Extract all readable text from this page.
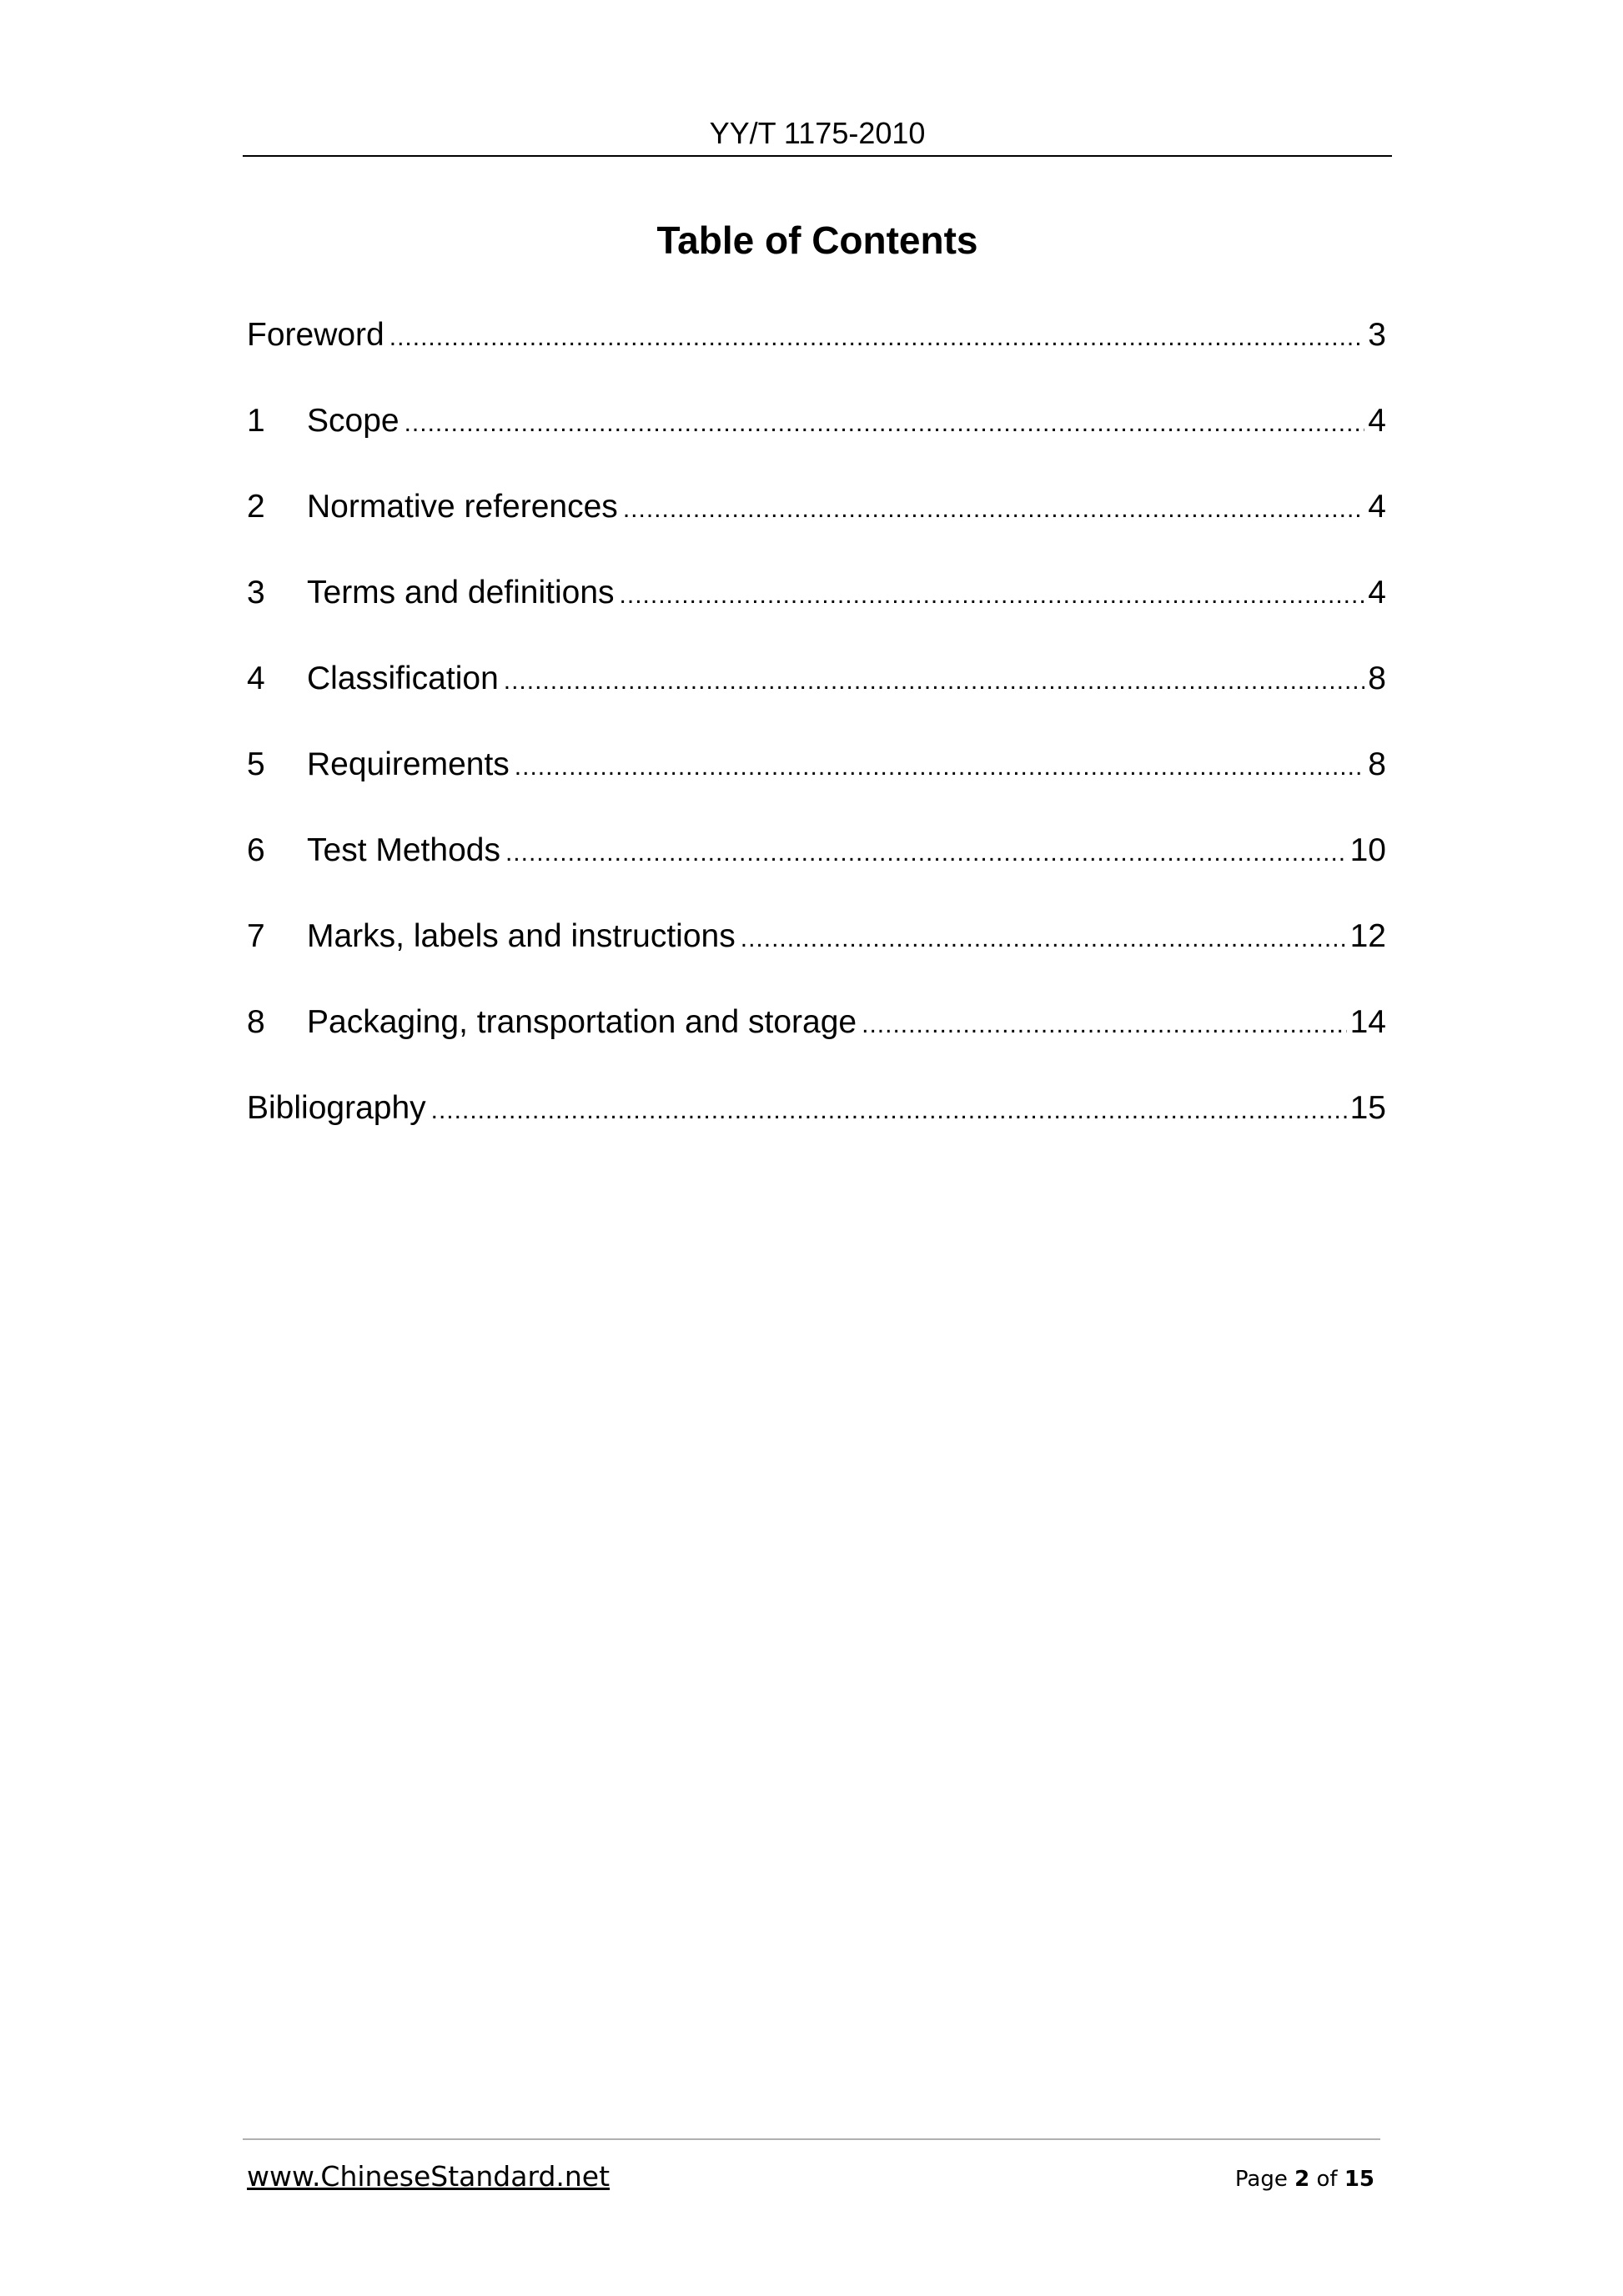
YY/T 1175-2010
Table of Contents
Foreword .....	3
1	Scope .....	4
2	Normative references .....	4
3	Terms and definitions .....	4
4	Classification .....	8
5	Requirements .....	8
6	Test Methods .....	10
7	Marks, labels and instructions .....	12
8	Packaging, transportation and storage .....	14
Bibliography .....	15
www.ChineseStandard.net	Page 2 of 15
